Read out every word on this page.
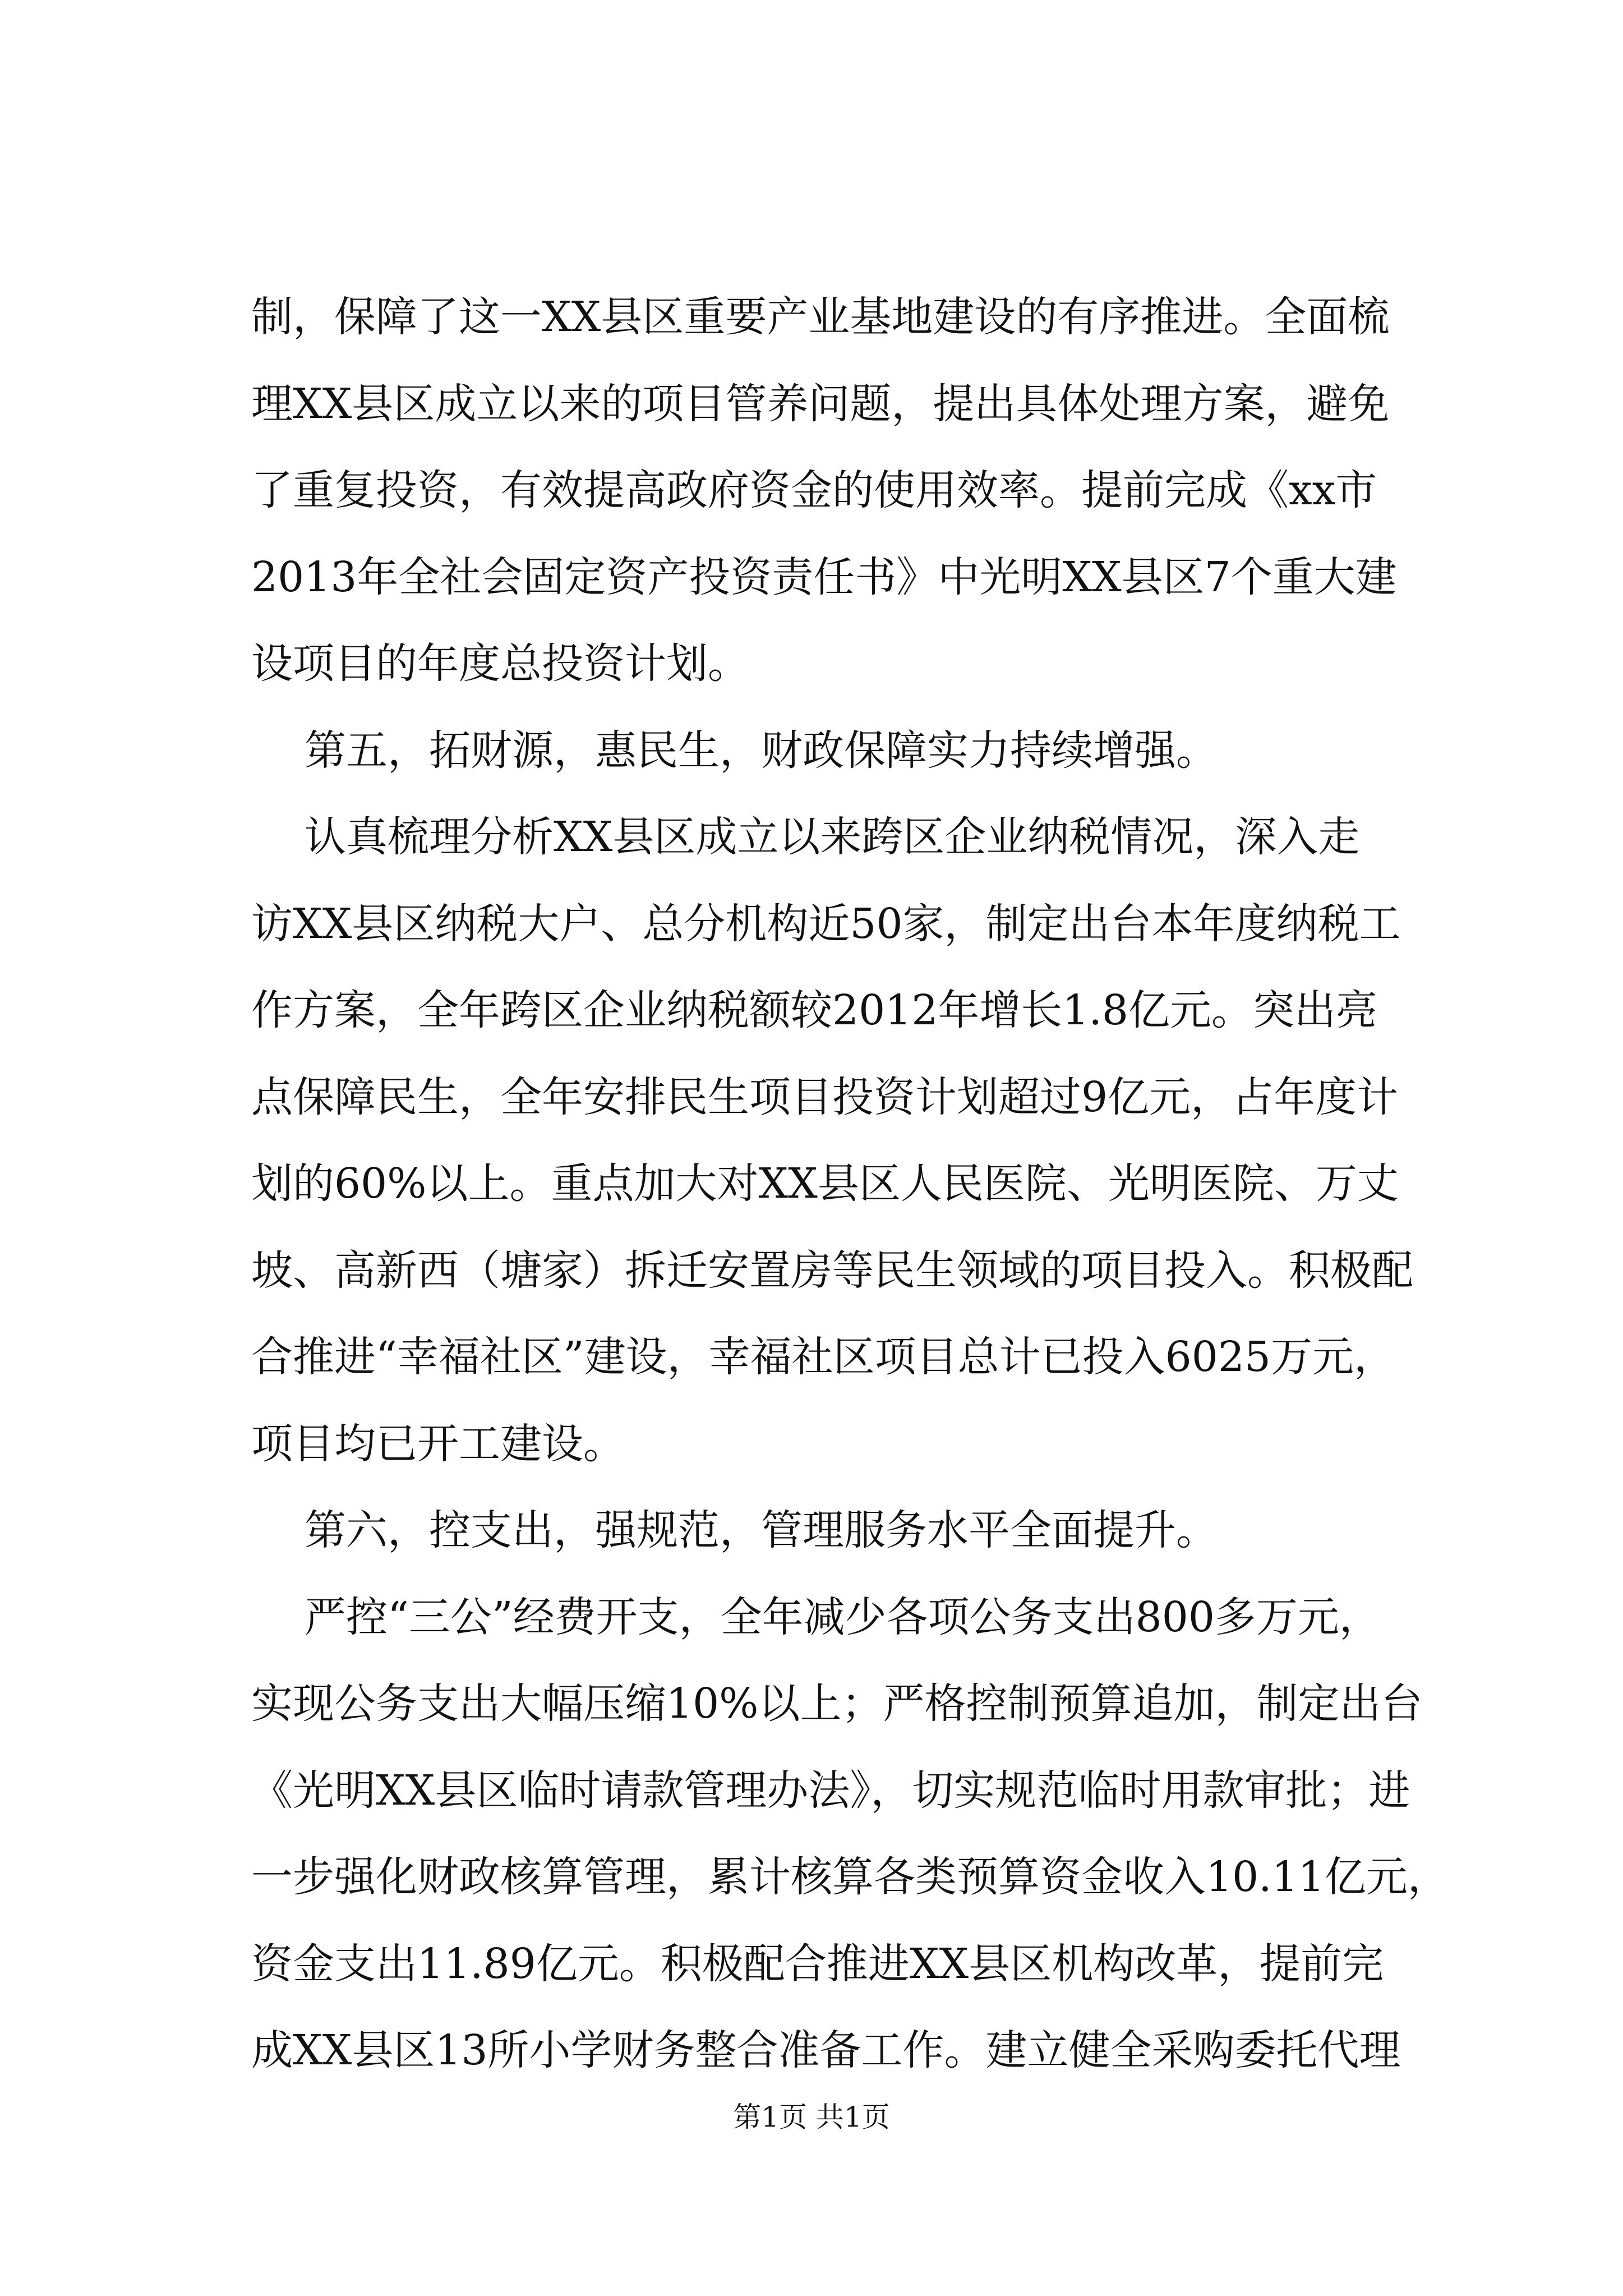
制，保障了这一XX县区重要产业基地建设的有序推进。全面梳
理XX县区成立以来的项目管养问题，提出具体处理方案，避免
了重复投资，有效提高政府资金的使用效率。提前完成《xx市
2013年全社会固定资产投资责任书》中光明XX县区7个重大建
设项目的年度总投资计划。
第五，拓财源，惠民生，财政保障实力持续增强。
认真梳理分析XX县区成立以来跨区企业纳税情况，深入走
访XX县区纳税大户、总分机构近50家，制定出台本年度纳税工
作方案，全年跨区企业纳税额较2012年增长1.8亿元。突出亮
点保障民生，全年安排民生项目投资计划超过9亿元，占年度计
划的60%以上。重点加大对XX县区人民医院、光明医院、万丈
坡、高新西（塘家）拆迁安置房等民生领域的项目投入。积极配
合推进“幸福社区”建设，幸福社区项目总计已投入6025万元，
项目均已开工建设。
第六，控支出，强规范，管理服务水平全面提升。
严控“三公”经费开支，全年减少各项公务支出800多万元，
实现公务支出大幅压缩10%以上；严格控制预算追加，制定出台
《光明XX县区临时请款管理办法》，切实规范临时用款审批；进
一步强化财政核算管理，累计核算各类预算资金收入10.11亿元，
资金支出11.89亿元。积极配合推进XX县区机构改革，提前完
成XX县区13所小学财务整合准备工作。建立健全采购委托代理
第1页 共1页
